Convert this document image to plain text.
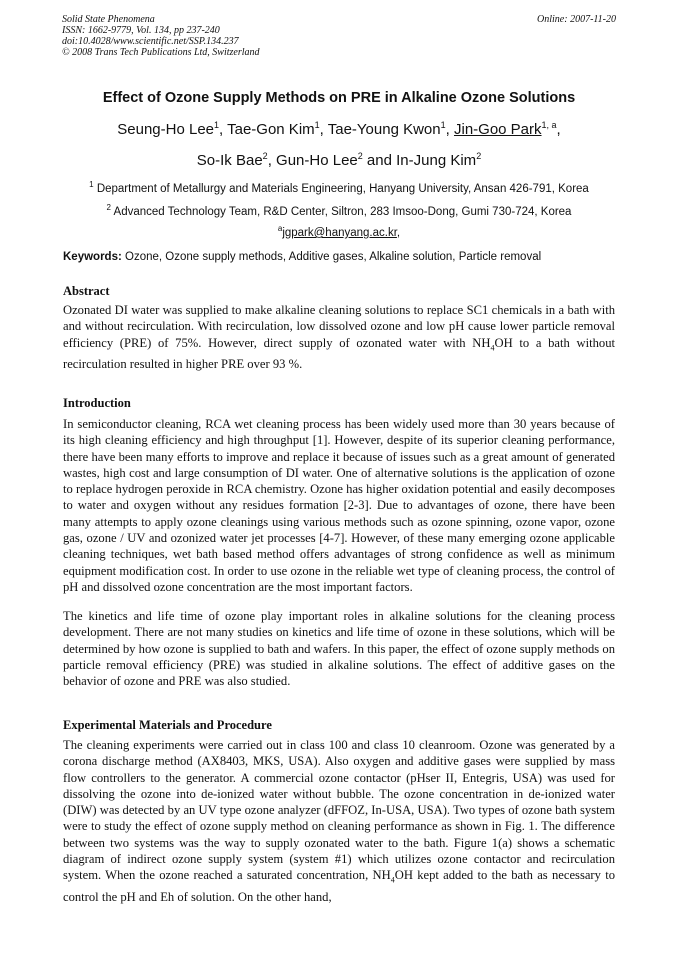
Solid State Phenomena
ISSN: 1662-9779, Vol. 134, pp 237-240
doi:10.4028/www.scientific.net/SSP.134.237
© 2008 Trans Tech Publications Ltd, Switzerland
Online: 2007-11-20
Effect of Ozone Supply Methods on PRE in Alkaline Ozone Solutions
Seung-Ho Lee$^1$, Tae-Gon Kim$^1$, Tae-Young Kwon$^1$, Jin-Goo Park$^{1, a}$,
So-Ik Bae$^2$, Gun-Ho Lee$^2$ and In-Jung Kim$^2$
$^1$ Department of Metallurgy and Materials Engineering, Hanyang University, Ansan 426-791, Korea
$^2$ Advanced Technology Team, R&D Center, Siltron, 283 Imsoo-Dong, Gumi 730-724, Korea
$^a$jgpark@hanyang.ac.kr,
Keywords: Ozone, Ozone supply methods, Additive gases, Alkaline solution, Particle removal
Abstract
Ozonated DI water was supplied to make alkaline cleaning solutions to replace SC1 chemicals in a bath with and without recirculation. With recirculation, low dissolved ozone and low pH cause lower particle removal efficiency (PRE) of 75%. However, direct supply of ozonated water with $NH_4OH$ to a bath without recirculation resulted in higher PRE over 93 %.
Introduction
In semiconductor cleaning, RCA wet cleaning process has been widely used more than 30 years because of its high cleaning efficiency and high throughput [1]. However, despite of its superior cleaning performance, there have been many efforts to improve and replace it because of issues such as a great amount of generated wastes, high cost and large consumption of DI water. One of alternative solutions is the application of ozone to replace hydrogen peroxide in RCA chemistry. Ozone has higher oxidation potential and easily decomposes to water and oxygen without any residues formation [2-3]. Due to advantages of ozone, there have been many attempts to apply ozone cleanings using various methods such as ozone spinning, ozone vapor, ozone gas, ozone / UV and ozonized water jet processes [4-7]. However, of these many emerging ozone applicable cleaning techniques, wet bath based method offers advantages of strong confidence as well as minimum equipment modification cost. In order to use ozone in the reliable wet type of cleaning process, the control of pH and dissolved ozone concentration are the most important factors.
The kinetics and life time of ozone play important roles in alkaline solutions for the cleaning process development. There are not many studies on kinetics and life time of ozone in these solutions, which will be determined by how ozone is supplied to bath and wafers. In this paper, the effect of ozone supply methods on particle removal efficiency (PRE) was studied in alkaline solutions. The effect of additive gases on the behavior of ozone and PRE was also studied.
Experimental Materials and Procedure
The cleaning experiments were carried out in class 100 and class 10 cleanroom. Ozone was generated by a corona discharge method (AX8403, MKS, USA). Also oxygen and additive gases were supplied by mass flow controllers to the generator. A commercial ozone contactor (pHser II, Entegris, USA) was used for dissolving the ozone into de-ionized water without bubble. The ozone concentration in de-ionized water (DIW) was detected by an UV type ozone analyzer (dFFOZ, In-USA, USA). Two types of ozone bath system were to study the effect of ozone supply method on cleaning performance as shown in Fig. 1. The difference between two systems was the way to supply ozonated water to the bath. Figure 1(a) shows a schematic diagram of indirect ozone supply system (system #1) which utilizes ozone contactor and recirculation system. When the ozone reached a saturated concentration, $NH_4OH$ kept added to the bath as necessary to control the pH and Eh of solution. On the other hand,
